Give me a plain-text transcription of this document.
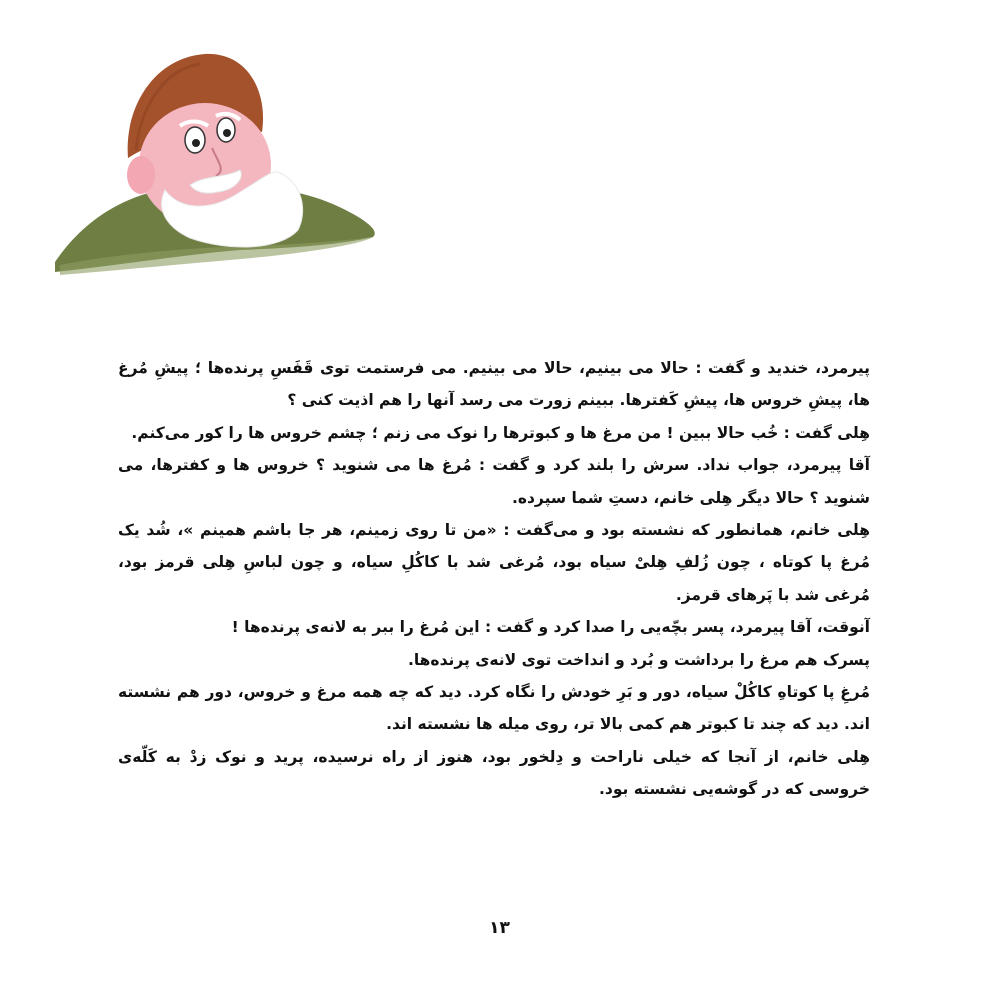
پیرمرد، خندید و گفت : حالا می بینیم، حالا می بینیم. می فرستمت توی قَفَسِ پرنده‌ها ؛ پیشِ مُرغ ها، پیشِ خروس ها، پیشِ کَفترها. ببینم زورت می رسد آنها را هم اذیت کنی ؟

هِلی گفت : خُب حالا ببین ! من مرغ ها و کبوترها را نوک می زنم ؛ چشم خروس ها را کور می‌کنم.

آقا پیرمرد، جواب نداد. سرش را بلند کرد و گفت : مُرغ ها می شنوید ؟ خروس ها و کفترها، می شنوید ؟ حالا دیگر هِلی خانم، دستِ شما سپرده.

هِلی خانم، همانطور که نشسته بود و می‌گفت : «من تا روی زمینم، هر جا باشم همینم »، شُد یک مُرغ پا کوتاه ، چون زُلفِ هِلیْ سیاه بود، مُرغی شد با کاکُلِ سیاه، و چون لباسِ هِلی قرمز بود، مُرغی شد با پَرهای قرمز.

آنوقت، آقا پیرمرد، پسر بچّه‌یی را صدا کرد و گفت : این مُرغ را ببر به لانه‌ی پرنده‌ها !

پسرک هم مرغ را برداشت و بُرد و انداخت توی لانه‌ی پرنده‌ها.

مُرغِ پا کوتاهِ کاکُلْ سیاه، دور و بَرِ خودش را نگاه کرد. دید که چه همه مرغ و خروس، دور هم نشسته اند. دید که چند تا کبوتر هم کمی بالا تر، روی میله ها نشسته اند.

هِلی خانم، از آنجا که خیلی ناراحت و دِلخور بود، هنوز از راه نرسیده، پرید و نوک زدْ به کَلّه‌ی خروسی که در گوشه‌یی نشسته بود.

۱۳
